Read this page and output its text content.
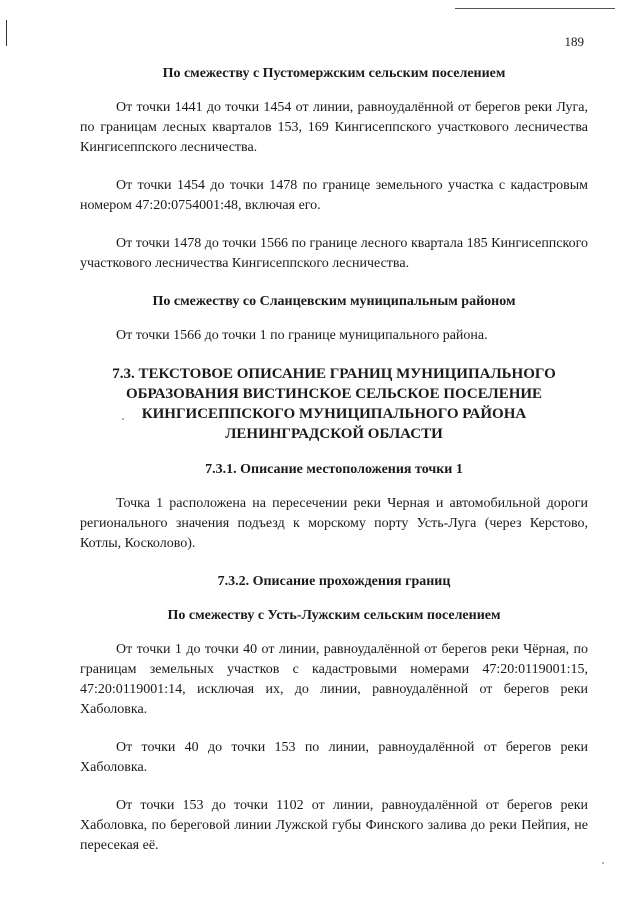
189
По смежеству с Пустомержским сельским поселением

От точки 1441 до точки 1454 от линии, равноудалённой от берегов реки Луга, по границам лесных кварталов 153, 169 Кингисеппского участкового лесничества Кингисеппского лесничества.

От точки 1454 до точки 1478 по границе земельного участка с кадастровым номером 47:20:0754001:48, включая его.

От точки 1478 до точки 1566 по границе лесного квартала 185 Кингисеппского участкового лесничества Кингисеппского лесничества.

По смежеству со Сланцевским муниципальным районом

От точки 1566 до точки 1 по границе муниципального района.

7.3. ТЕКСТОВОЕ ОПИСАНИЕ ГРАНИЦ МУНИЦИПАЛЬНОГО
ОБРАЗОВАНИЯ ВИСТИНСКОЕ СЕЛЬСКОЕ ПОСЕЛЕНИЕ
КИНГИСЕППСКОГО МУНИЦИПАЛЬНОГО РАЙОНА
ЛЕНИНГРАДСКОЙ ОБЛАСТИ
7.3.1. Описание местоположения точки 1

Точка 1 расположена на пересечении реки Черная и автомобильной дороги регионального значения подъезд к морскому порту Усть-Луга (через Керстово, Котлы, Косколово).

7.3.2. Описание прохождения границ
По смежеству с Усть-Лужским сельским поселением

От точки 1 до точки 40 от линии, равноудалённой от берегов реки Чёрная, по границам земельных участков с кадастровыми номерами 47:20:0119001:15, 47:20:0119001:14, исключая их, до линии, равноудалённой от берегов реки Хаболовка.

От точки 40 до точки 153 по линии, равноудалённой от берегов реки Хаболовка.

От точки 153 до точки 1102 от линии, равноудалённой от берегов реки Хаболовка, по береговой линии Лужской губы Финского залива до реки Пейпия, не пересекая её.
